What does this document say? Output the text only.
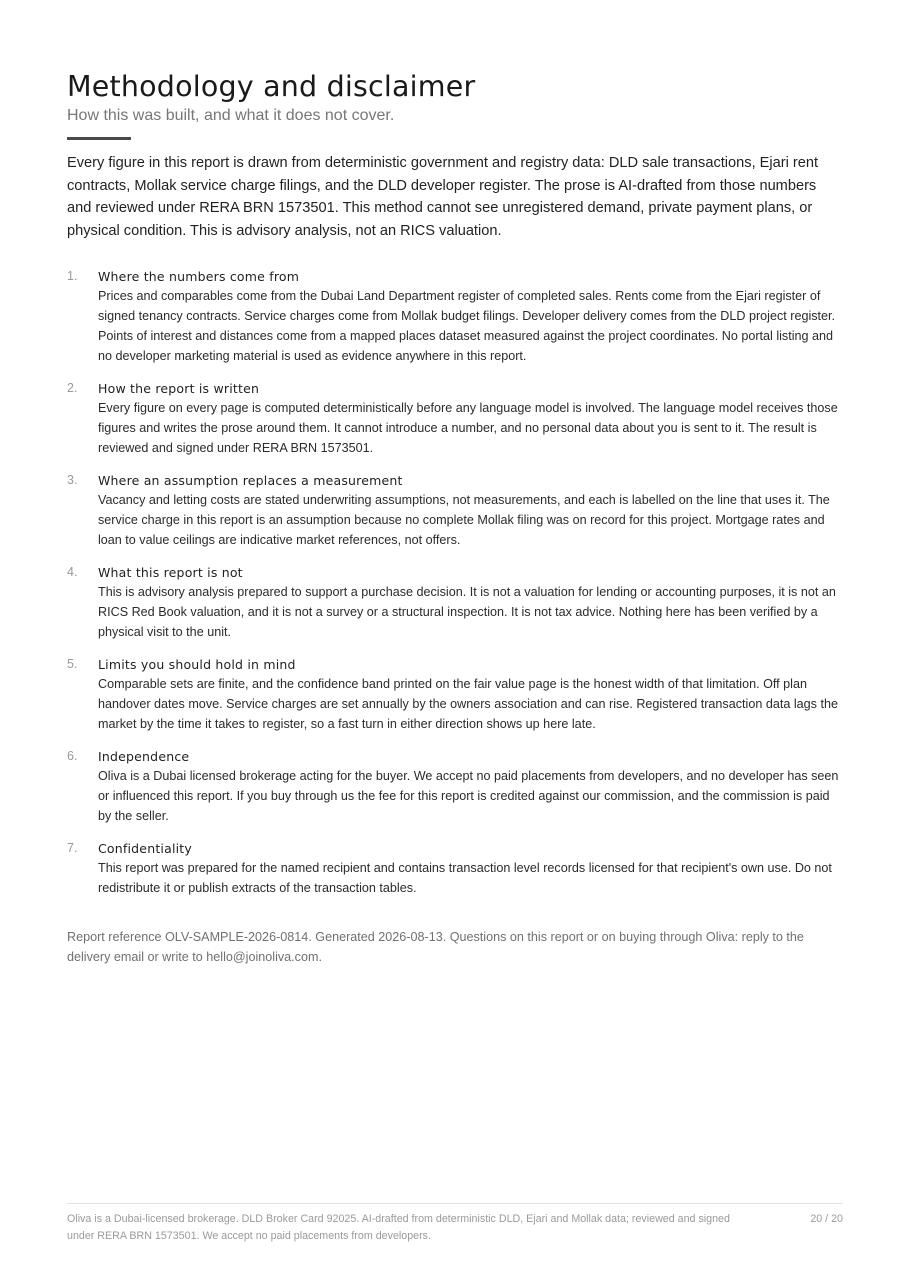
Methodology and disclaimer
How this was built, and what it does not cover.

Every figure in this report is drawn from deterministic government and registry data: DLD sale transactions, Ejari rent contracts, Mollak service charge filings, and the DLD developer register. The prose is AI-drafted from those numbers and reviewed under RERA BRN 1573501. This method cannot see unregistered demand, private payment plans, or physical condition. This is advisory analysis, not an RICS valuation.

1. Where the numbers come from

Prices and comparables come from the Dubai Land Department register of completed sales. Rents come from the Ejari register of signed tenancy contracts. Service charges come from Mollak budget filings. Developer delivery comes from the DLD project register. Points of interest and distances come from a mapped places dataset measured against the project coordinates. No portal listing and no developer marketing material is used as evidence anywhere in this report.

2. How the report is written

Every figure on every page is computed deterministically before any language model is involved. The language model receives those figures and writes the prose around them. It cannot introduce a number, and no personal data about you is sent to it. The result is reviewed and signed under RERA BRN 1573501.

3. Where an assumption replaces a measurement

Vacancy and letting costs are stated underwriting assumptions, not measurements, and each is labelled on the line that uses it. The service charge in this report is an assumption because no complete Mollak filing was on record for this project. Mortgage rates and loan to value ceilings are indicative market references, not offers.

4. What this report is not

This is advisory analysis prepared to support a purchase decision. It is not a valuation for lending or accounting purposes, it is not an RICS Red Book valuation, and it is not a survey or a structural inspection. It is not tax advice. Nothing here has been verified by a physical visit to the unit.

5. Limits you should hold in mind

Comparable sets are finite, and the confidence band printed on the fair value page is the honest width of that limitation. Off plan handover dates move. Service charges are set annually by the owners association and can rise. Registered transaction data lags the market by the time it takes to register, so a fast turn in either direction shows up here late.

6. Independence

Oliva is a Dubai licensed brokerage acting for the buyer. We accept no paid placements from developers, and no developer has seen or influenced this report. If you buy through us the fee for this report is credited against our commission, and the commission is paid by the seller.

7. Confidentiality

This report was prepared for the named recipient and contains transaction level records licensed for that recipient's own use. Do not redistribute it or publish extracts of the transaction tables.

Report reference OLV-SAMPLE-2026-0814. Generated 2026-08-13. Questions on this report or on buying through Oliva: reply to the delivery email or write to hello@joinoliva.com.

Oliva is a Dubai-licensed brokerage. DLD Broker Card 92025. AI-drafted from deterministic DLD, Ejari and Mollak data; reviewed and signed under RERA BRN 1573501. We accept no paid placements from developers.

20 / 20
